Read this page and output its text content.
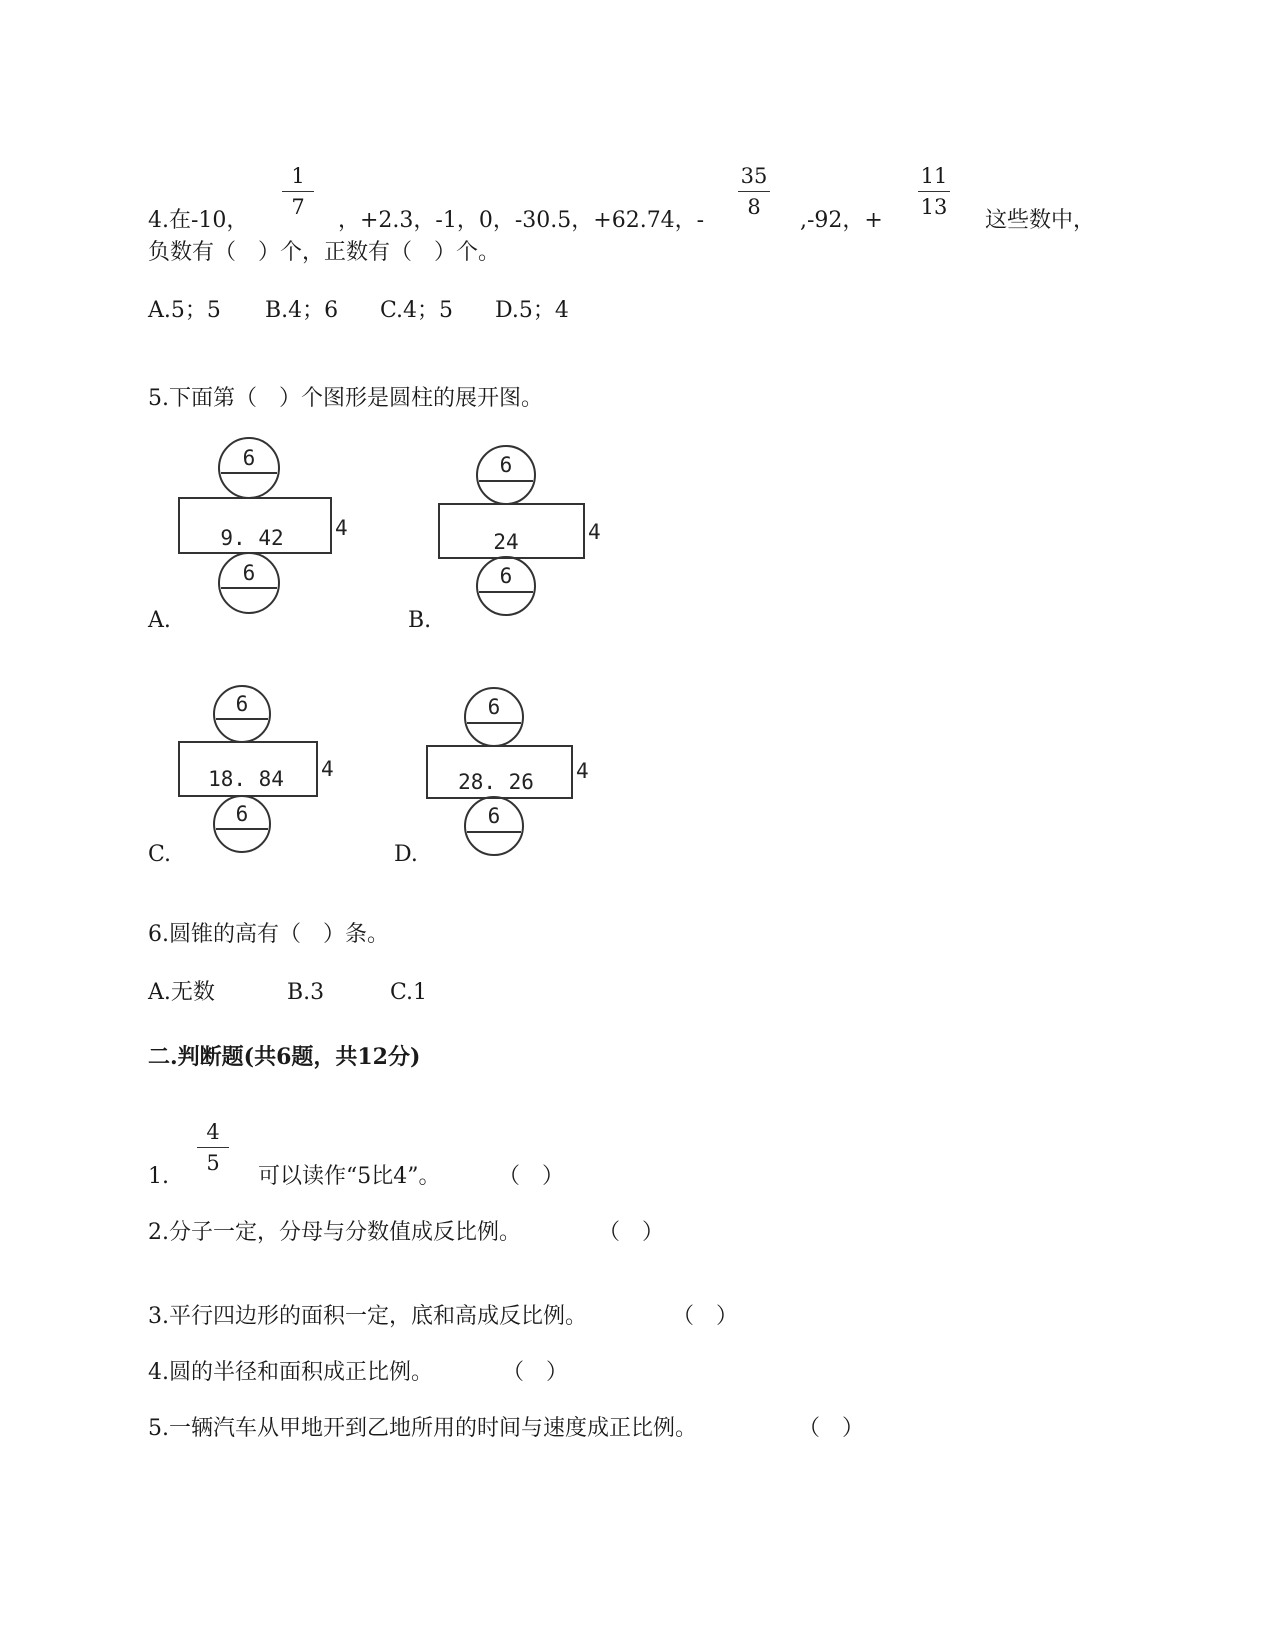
4.在-10，
1
7
，+2.3，-1，0，-30.5，+62.74，-
35
8
,-92，+
11
13
这些数中，
负数有（　）个，正数有（　）个。
A.5；5 B.4；6 C.4；5 D.5；4
5.下面第（　）个图形是圆柱的展开图。
6
9. 42 4
6
A.
6
24	4
6
B.
6
18. 84 4
6
C.
6
28. 26 4
6
D.
6.圆锥的高有（　）条。
A.无数	B.3	C.1
二.判断题(共6题，共12分)
1.
4
5
可以读作“5比4”。	（　）
2.分子一定，分母与分数值成反比例。	（　）
3.平行四边形的面积一定，底和高成反比例。	（　）
4.圆的半径和面积成正比例。	（　）
5.一辆汽车从甲地开到乙地所用的时间与速度成正比例。	（　）
